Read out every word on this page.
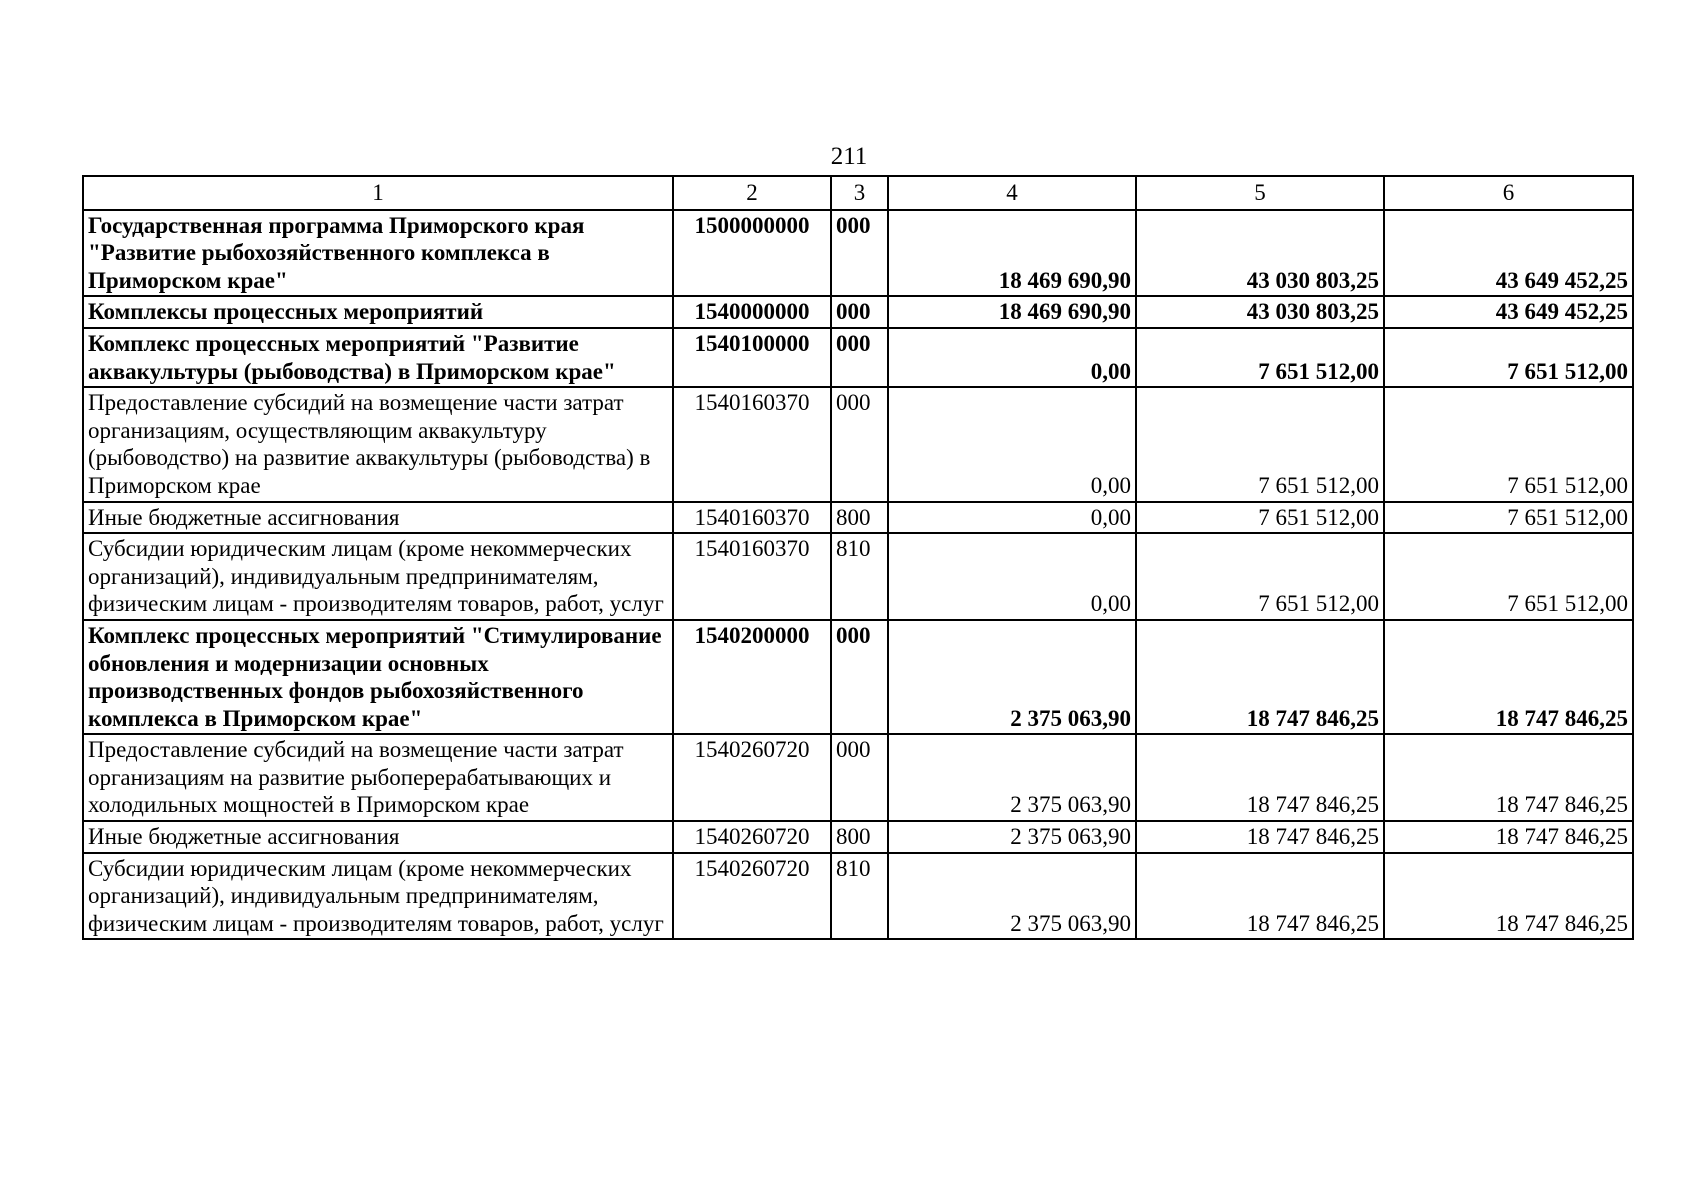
211
1	2	3	4	5	6
Государственная программа Приморского края "Развитие рыбохозяйственного комплекса в Приморском крае"	1500000000	000	18 469 690,90	43 030 803,25	43 649 452,25
Комплексы процессных мероприятий	1540000000	000	18 469 690,90	43 030 803,25	43 649 452,25
Комплекс процессных мероприятий "Развитие аквакультуры (рыбоводства) в Приморском крае"	1540100000	000	0,00	7 651 512,00	7 651 512,00
Предоставление субсидий на возмещение части затрат организациям, осуществляющим аквакультуру (рыбоводство) на развитие аквакультуры (рыбоводства) в Приморском крае	1540160370	000	0,00	7 651 512,00	7 651 512,00
Иные бюджетные ассигнования	1540160370	800	0,00	7 651 512,00	7 651 512,00
Субсидии юридическим лицам (кроме некоммерческих организаций), индивидуальным предпринимателям, физическим лицам - производителям товаров, работ, услуг	1540160370	810	0,00	7 651 512,00	7 651 512,00
Комплекс процессных мероприятий "Стимулирование обновления и модернизации основных производственных фондов рыбохозяйственного комплекса в Приморском крае"	1540200000	000	2 375 063,90	18 747 846,25	18 747 846,25
Предоставление субсидий на возмещение части затрат организациям на развитие рыбоперерабатывающих и холодильных мощностей в Приморском крае	1540260720	000	2 375 063,90	18 747 846,25	18 747 846,25
Иные бюджетные ассигнования	1540260720	800	2 375 063,90	18 747 846,25	18 747 846,25
Субсидии юридическим лицам (кроме некоммерческих организаций), индивидуальным предпринимателям, физическим лицам - производителям товаров, работ, услуг	1540260720	810	2 375 063,90	18 747 846,25	18 747 846,25
